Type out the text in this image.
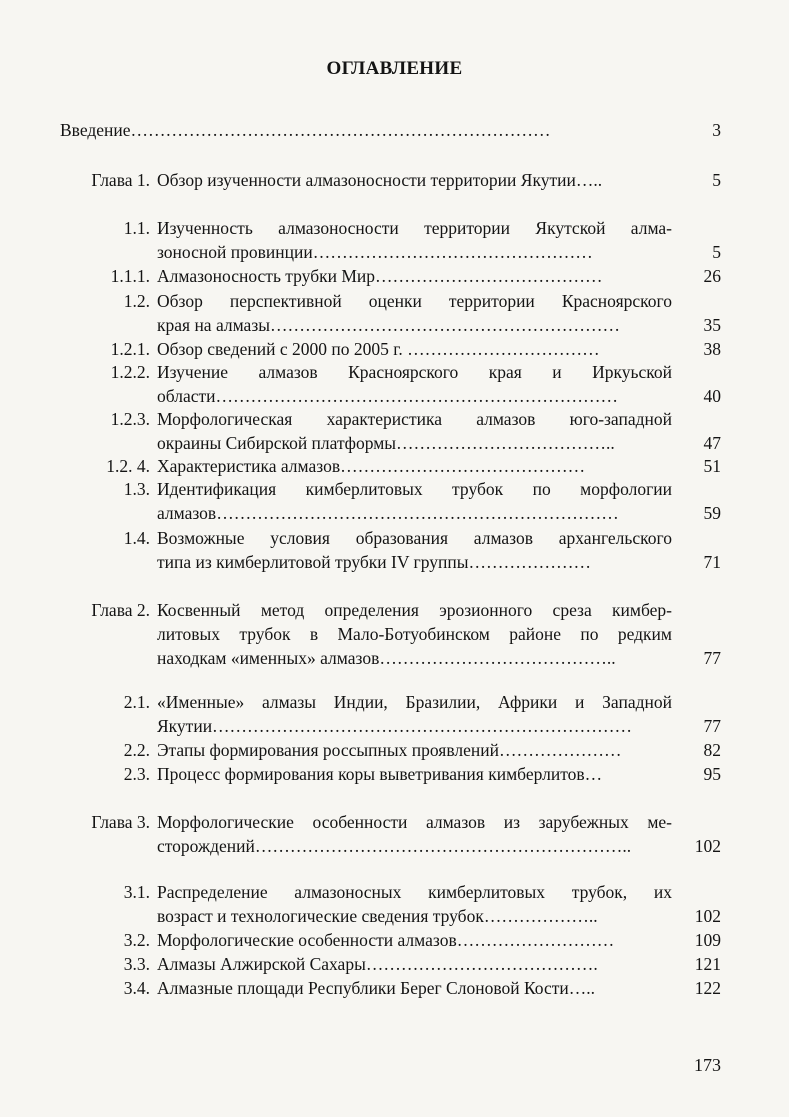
ОГЛАВЛЕНИЕ
Введение………………………………………………………………	3
Глава 1. Обзор изученности алмазоносности территории Якутии…..	5
1.1. Изученность алмазоносности территории Якутской алма-
зоносной провинции…………………………………………	5
1.1.1. Алмазоносность трубки Мир…………………………………	26
1.2. Обзор перспективной оценки территории Красноярского
края на алмазы……………………………………………………	35
1.2.1. Обзор сведений с 2000 по 2005 г. ……………………………	38
1.2.2. Изучение алмазов Красноярского края и Иркуьской
области……………………………………………………………	40
1.2.3. Морфологическая характеристика алмазов юго-западной
окраины Сибирской платформы………………………………..	47
1.2. 4. Характеристика алмазов……………………………………	51
1.3. Идентификация кимберлитовых трубок по морфологии
алмазов……………………………………………………………	59
1.4. Возможные условия образования алмазов архангельского
типа из кимберлитовой трубки IV группы…………………	71
Глава 2. Косвенный метод определения эрозионного среза кимбер-
литовых трубок в Мало-Ботуобинском районе по редким
находкам «именных» алмазов…………………………………..	77
2.1. «Именные» алмазы Индии, Бразилии, Африки и Западной
Якутии………………………………………………………………	77
2.2. Этапы формирования россыпных проявлений…………………	82
2.3. Процесс формирования коры выветривания кимберлитов…	95
Глава 3. Морфологические особенности алмазов из зарубежных ме-
сторождений………………………………………………………..	102
3.1. Распределение алмазоносных кимберлитовых трубок, их
возраст и технологические сведения трубок………………..	102
3.2. Морфологические особенности алмазов………………………	109
3.3. Алмазы Алжирской Сахары………………………………….	121
3.4. Алмазные площади Республики Берег Слоновой Кости…..	122
173
